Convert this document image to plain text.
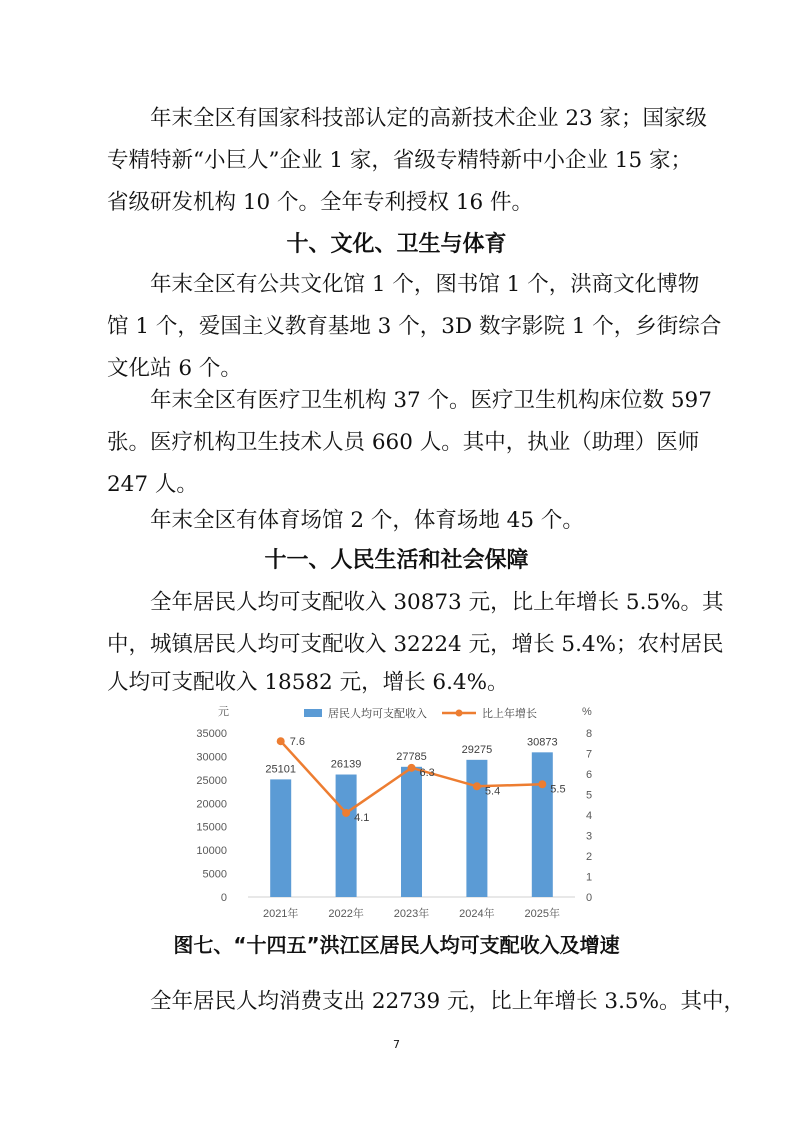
年末全区有国家科技部认定的高新技术企业 23 家；国家级
专精特新“小巨人”企业 1 家，省级专精特新中小企业 15 家；
省级研发机构 10 个。全年专利授权 16 件。
十、文化、卫生与体育
年末全区有公共文化馆 1 个，图书馆 1 个，洪商文化博物
馆 1 个，爱国主义教育基地 3 个，3D 数字影院 1 个，乡街综合
文化站 6 个。
年末全区有医疗卫生机构 37 个。医疗卫生机构床位数 597
张。医疗机构卫生技术人员 660 人。其中，执业（助理）医师
247 人。
年末全区有体育场馆 2 个，体育场地 45 个。
十一、人民生活和社会保障
全年居民人均可支配收入 30873 元，比上年增长 5.5%。其
中，城镇居民人均可支配收入 32224 元，增长 5.4%；农村居民
人均可支配收入 18582 元，增长 6.4%。
元	%
居民人均可支配收入	比上年增长
0
5000
10000
15000
20000
25000
30000
35000
0
1
2
3
4
5
6
7
8
25101	26139
27785
29275
30873
7.6
4.1
6.3
5.4	5.5
2021年	2022年	2023年	2024年	2025年
图七、“十四五”洪江区居民人均可支配收入及增速
全年居民人均消费支出 22739 元，比上年增长 3.5%。其中，
7
